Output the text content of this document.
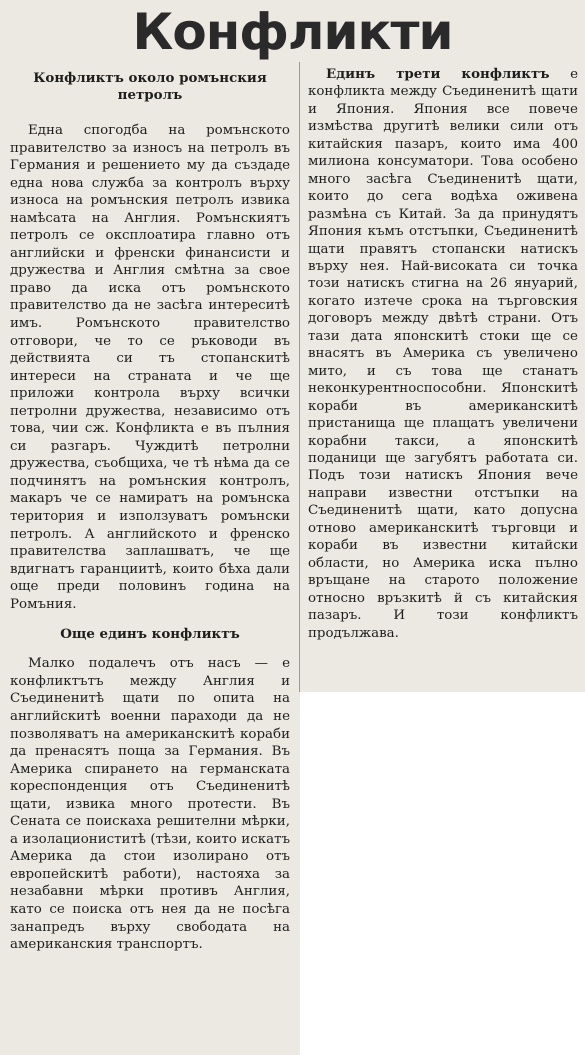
Конфликти
Конфликтъ около ромънския петролъ

Една спогодба на ромънското правителство за износъ на петролъ въ Германия и решението му да създаде една нова служба за контролъ върху износа на ромънския петролъ извика намѣсата на Англия. Ромънскиятъ петролъ се оксплоатира главно отъ английски и френски финансисти и дружества и Англия смѣтна за свое право да иска отъ ромънското правителство да не засѣга интереситѣ имъ. Ромънското правителство отговори, че то се ръководи въ действията си тъ стопанскитѣ интереси на страната и че ще приложи контрола върху всички петролни дружества, независимо отъ това, чии сж. Конфликта е въ пълния си разгаръ. Чуждитѣ петролни дружества, съобщиха, че тѣ нѣма да се подчинятъ на ромънския контролъ, макаръ че се намиратъ на ромънска територия и използуватъ ромънски петролъ. А английското и френско правителства заплашватъ, че ще вдигнатъ гаранциитѣ, които бѣха дали още преди половинъ година на Ромъния.

Още единъ конфликтъ

Малко подалечъ отъ насъ — е конфликтътъ между Англия и Съединенитѣ щати по опита на английскитѣ военни параходи да не позволяватъ на американскитѣ кораби да пренасятъ поща за Германия. Въ Америка спирането на германската кореспонденция отъ Съединенитѣ щати, извика много протести. Въ Сената се поискаха решителни мѣрки, а изолациониститѣ (тѣзи, които искатъ Америка да стои изолирано отъ европейскитѣ работи), настояха за незабавни мѣрки противъ Англия, като се поиска отъ нея да не посѣга занапредъ върху свободата на американския транспортъ.

Единъ трети конфликтъ е конфликта между Съединенитѣ щати и Япония. Япония все повече измѣства другитѣ велики сили отъ китайския пазаръ, които има 400 милиона консуматори. Това особено много засѣга Съединенитѣ щати, които до сега водѣха оживена размѣна съ Китай. За да принудятъ Япония къмъ отстъпки, Съединенитѣ щати правятъ стопански натискъ върху нея. Най-високата си точка този натискъ стигна на 26 януарий, когато изтече срока на търговския договоръ между двѣтѣ страни. Отъ тази дата японскитѣ стоки ще се внасятъ въ Америка съ увеличено мито, и съ това ще станатъ неконкурентноспособни. Японскитѣ кораби въ американскитѣ пристанища ще плащатъ увеличени корабни такси, а японскитѣ поданици ще загубятъ работата си. Подъ този натискъ Япония вече направи известни отстъпки на Съединенитѣ щати, като допусна отново американскитѣ търговци и кораби въ известни китайски области, но Америка иска пълно връщане на старото положение относно връзкитѣ й съ китайския пазаръ. И този конфликтъ продължава.
